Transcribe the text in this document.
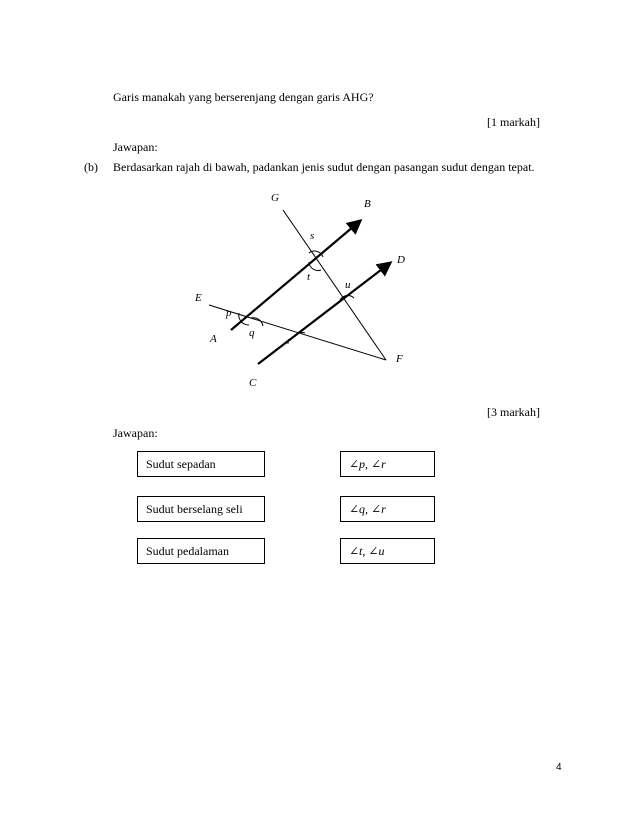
Garis manakah yang berserenjang dengan garis AHG?
[1 markah]
Jawapan:
(b) Berdasarkan rajah di bawah, padankan jenis sudut dengan pasangan sudut dengan tepat.
G	B
D
E
A
C
F
s
t
u
p
q
r
[3 markah]
Jawapan:
Sudut sepadan
Sudut berselang seli
Sudut pedalaman
∠p, ∠r
∠q, ∠r
∠t, ∠u
4
